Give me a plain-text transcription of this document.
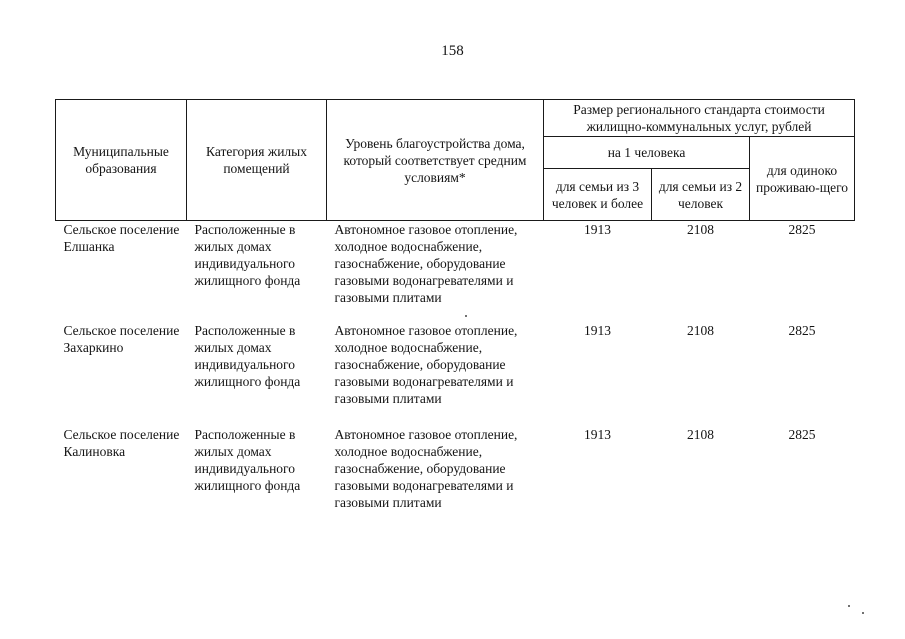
158
Муниципальные образования	Категория жилых помещений	Уровень благоустройства дома, который соответствует средним условиям*	Размер регионального стандарта стоимости жилищно-коммунальных услуг, рублей		
			на 1 человека		для одиноко проживаю-щего
			для семьи из 3 человек и более	для семьи из 2 человек	

Сельское поселение Елшанка	Расположенные в жилых домах индивидуального жилищного фонда	Автономное газовое отопление, холодное водоснабжение, газоснабжение, оборудование газовыми водонагревателями и газовыми плитами	1913	2108	2825

Сельское поселение Захаркино	Расположенные в жилых домах индивидуального жилищного фонда	Автономное газовое отопление, холодное водоснабжение, газоснабжение, оборудование газовыми водонагревателями и газовыми плитами	1913	2108	2825

Сельское поселение Калиновка	Расположенные в жилых домах индивидуального жилищного фонда	Автономное газовое отопление, холодное водоснабжение, газоснабжение, оборудование газовыми водонагревателями и газовыми плитами	1913	2108	2825
